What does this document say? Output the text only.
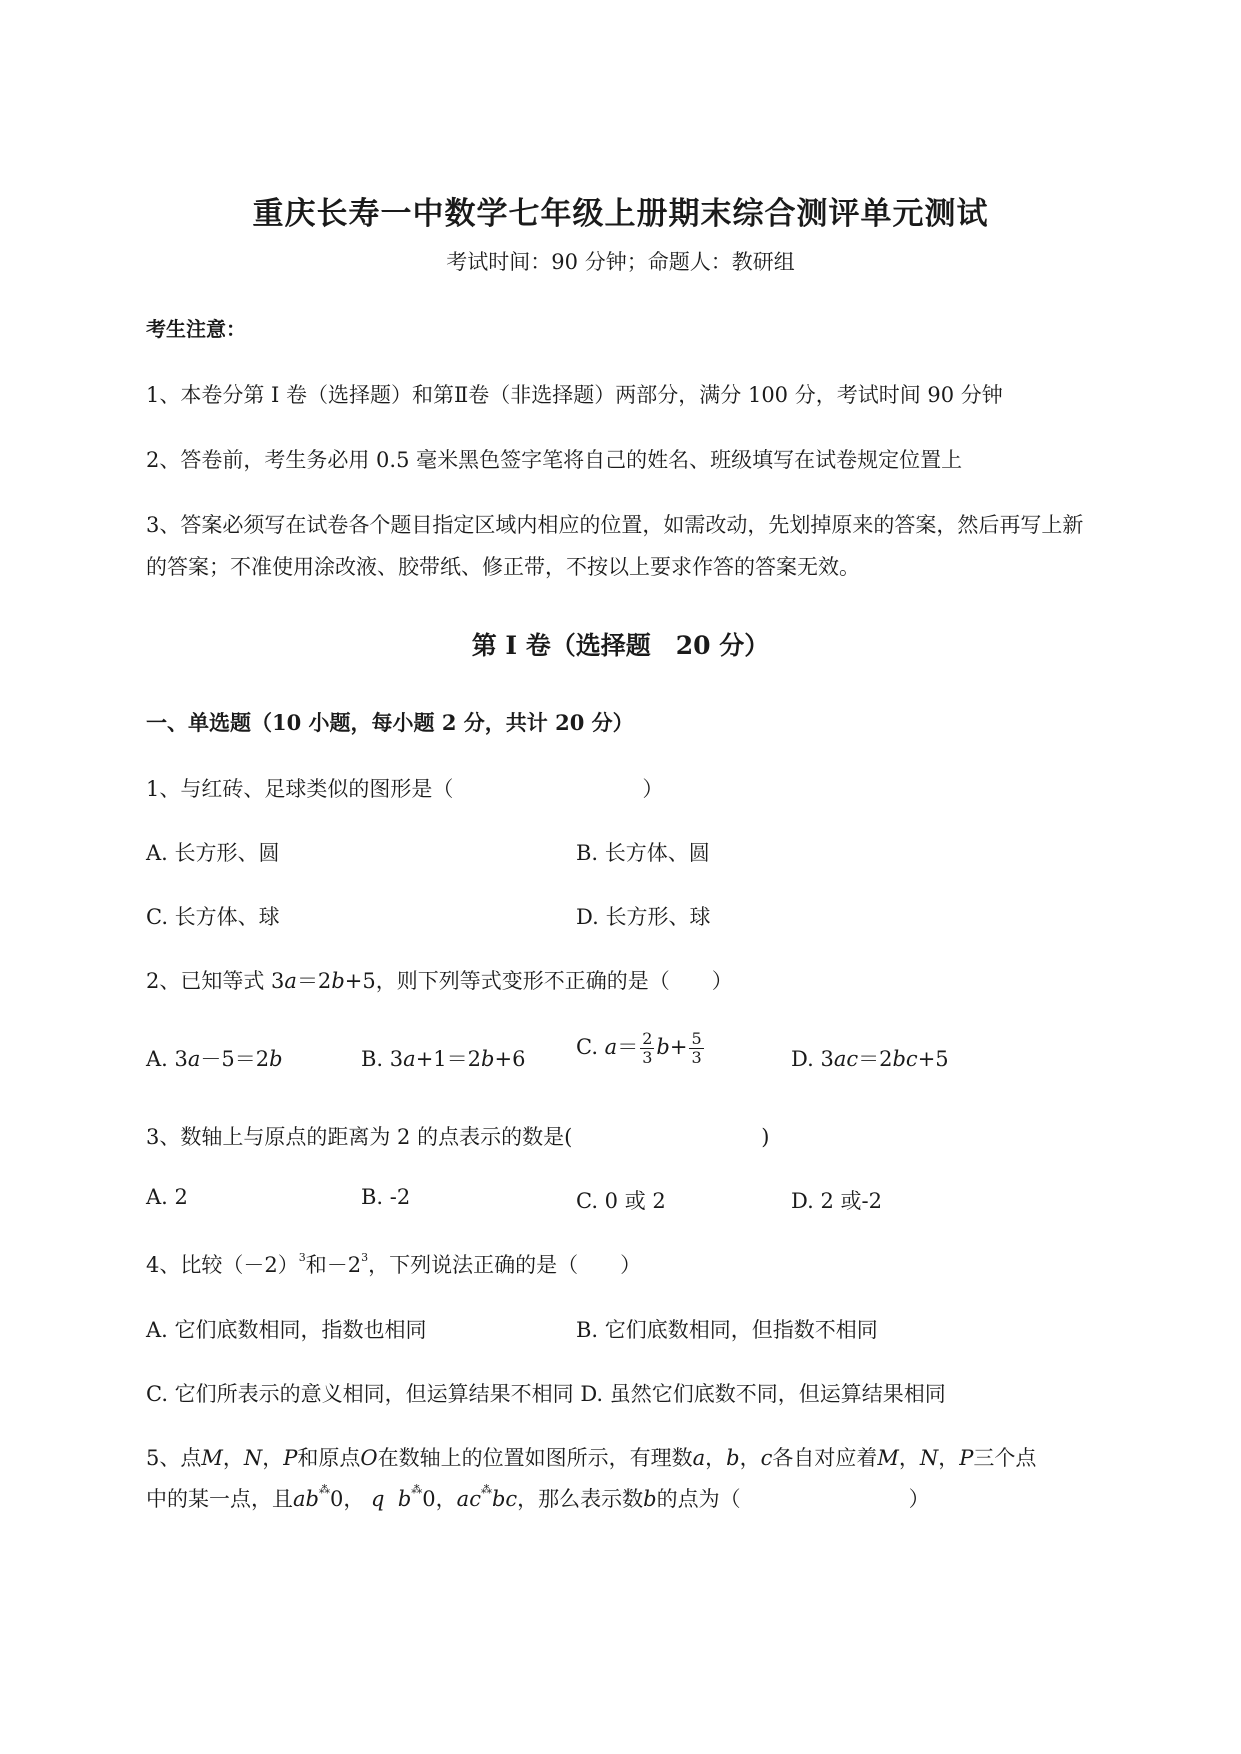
重庆长寿一中数学七年级上册期末综合测评单元测试
考试时间：90 分钟；命题人：教研组
考生注意：
1、本卷分第 I 卷（选择题）和第Ⅱ卷（非选择题）两部分，满分 100 分，考试时间 90 分钟
2、答卷前，考生务必用 0.5 毫米黑色签字笔将自己的姓名、班级填写在试卷规定位置上
3、答案必须写在试卷各个题目指定区域内相应的位置，如需改动，先划掉原来的答案，然后再写上新
的答案；不准使用涂改液、胶带纸、修正带，不按以上要求作答的答案无效。
第 I 卷（选择题　20 分）
一、单选题（10 小题，每小题 2 分，共计 20 分）
1、与红砖、足球类似的图形是（　　　　　　　　　）
A. 长方形、圆	B. 长方体、圆
C. 长方体、球	D. 长方形、球
2、已知等式 3a＝2b+5，则下列等式变形不正确的是（　　）
A. 3a－5＝2b	B. 3a+1＝2b+6 C. $a= \frac{2}{3} b+ \frac{5}{3}$	D. 3ac＝2bc+5
3、数轴上与原点的距离为 2 的点表示的数是(　　　　　　　　　)
A. 2	B. -2	C. 0 或 2	D. 2 或-2
4、比较$(-2)^3$和$-2^3$，下列说法正确的是（　　）
A. 它们底数相同，指数也相同	B. 它们底数相同，但指数不相同
C. 它们所表示的意义相同，但运算结果不相同 D. 虽然它们底数不同，但运算结果相同
5、点M，N，P和原点O在数轴上的位置如图所示，有理数a，b，c各自对应着M，N，P三个点
中的某一点，且ab⁂0， q b⁂0，ac⁂bc，那么表示数b的点为（　　　　　　　　）
